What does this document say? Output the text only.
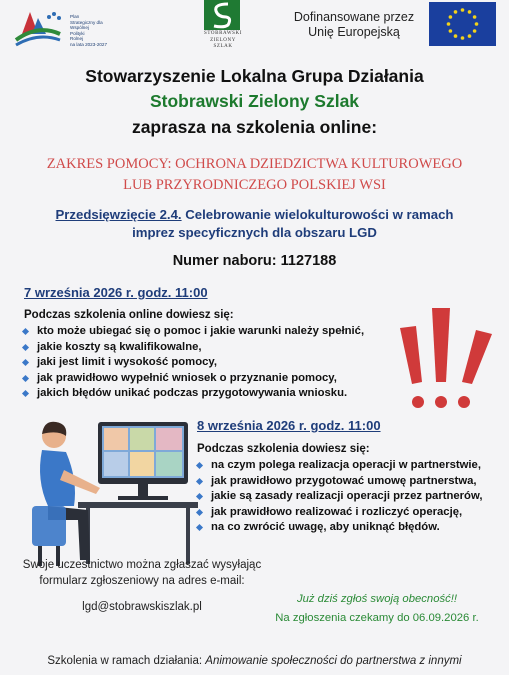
Plan
Strategiczny dla
Wspólnej
Polityki
Rolnej
na lata 2023-2027
STOBRAWSKI
ZIELONY
SZLAK
Dofinansowane przez
Unię Europejską
Stowarzyszenie Lokalna Grupa Działania
Stobrawski Zielony Szlak
zaprasza na szkolenia online:
ZAKRES POMOCY: OCHRONA DZIEDZICTWA KULTUROWEGO
LUB PRZYRODNICZEGO POLSKIEJ WSI
Przedsięwzięcie 2.4. Celebrowanie wielokulturowości w ramach
imprez specyficznych dla obszaru LGD
Numer naboru: 1127188
7 września 2026 r. godz. 11:00
Podczas szkolenia online dowiesz się:
kto może ubiegać się o pomoc i jakie warunki należy spełnić,
jakie koszty są kwalifikowalne,
jaki jest limit i wysokość pomocy,
jak prawidłowo wypełnić wniosek o przyznanie pomocy,
jakich błędów unikać podczas przygotowywania wniosku.
8 września 2026 r. godz. 11:00
Podczas szkolenia dowiesz się:
na czym polega realizacja operacji w partnerstwie,
jak prawidłowo przygotować umowę partnerstwa,
jakie są zasady realizacji operacji przez partnerów,
jak prawidłowo realizować i rozliczyć operację,
na co zwrócić uwagę, aby uniknąć błędów.
Swoje uczestnictwo można zgłaszać wysyłając
formularz zgłoszeniowy na adres e-mail:
lgd@stobrawskiszlak.pl
Już dziś zgłoś swoją obecność!!
Na zgłoszenia czekamy do 06.09.2026 r.
Szkolenia w ramach działania: Animowanie społeczności do partnerstwa z innymi
